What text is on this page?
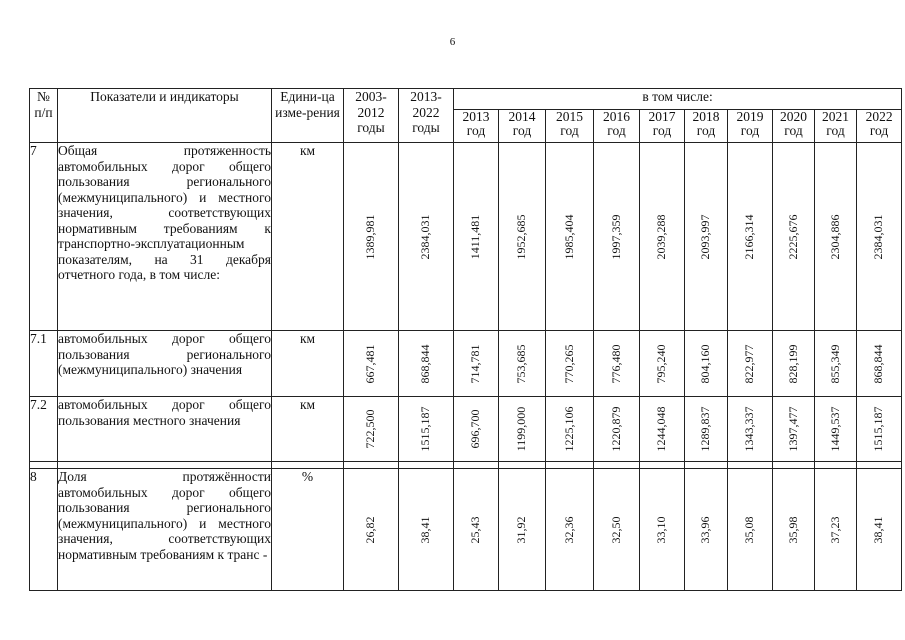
6
№ п/п	Показатели и индикаторы	Едини-ца изме-рения	2003-2012 годы	2013-2022 годы	в том числе:									
					2013 год	2014 год	2015 год	2016 год	2017 год	2018 год	2019 год	2020 год	2021 год	2022 год
7	Общая протяженность автомобильных дорог общего пользования регионального (межмуниципального) и местного значения, соответствующих нормативным требованиям к транспортно-эксплуатационным показателям, на 31 декабря отчетного года, в том числе:	км	1389,981	2384,031	1411,481	1952,685	1985,404	1997,359	2039,288	2093,997	2166,314	2225,676	2304,886	2384,031

7.1	автомобильных дорог общего пользования регионального (межмуниципального) значения	км	667,481	868,844	714,781	753,685	770,265	776,480	795,240	804,160	822,977	828,199	855,349	868,844

7.2	автомобильных дорог общего пользования местного значения	км	722,500	1515,187	696,700	1199,000	1225,106	1220,879	1244,048	1289,837	1343,337	1397,477	1449,537	1515,187

8	Доля протяжённости автомобильных дорог общего пользования регионального (межмуниципального) и местного значения, соответствующих нормативным требованиям к транс -	%	26,82	38,41	25,43	31,92	32,36	32,50	33,10	33,96	35,08	35,98	37,23	38,41
